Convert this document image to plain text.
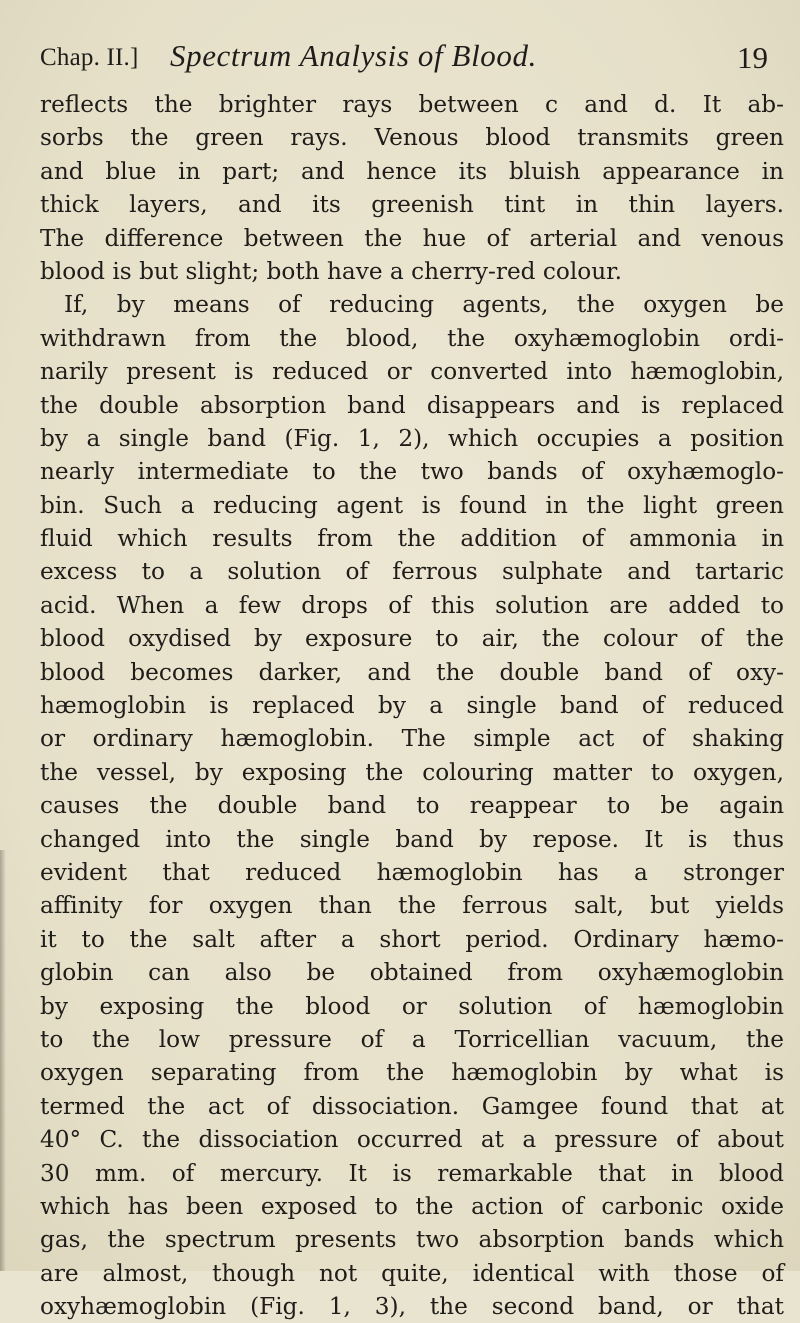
Chap. II.] Spectrum Analysis of Blood.	19
reflects the brighter rays between c and d. It ab-
sorbs the green rays. Venous blood transmits green
and blue in part; and hence its bluish appearance in
thick layers, and its greenish tint in thin layers.
The difference between the hue of arterial and venous
blood is but slight; both have a cherry-red colour.
If, by means of reducing agents, the oxygen be
withdrawn from the blood, the oxyhæmoglobin ordi-
narily present is reduced or converted into hæmoglobin,
the double absorption band disappears and is replaced
by a single band (Fig. 1, 2), which occupies a position
nearly intermediate to the two bands of oxyhæmoglo-
bin. Such a reducing agent is found in the light green
fluid which results from the addition of ammonia in
excess to a solution of ferrous sulphate and tartaric
acid. When a few drops of this solution are added to
blood oxydised by exposure to air, the colour of the
blood becomes darker, and the double band of oxy-
hæmoglobin is replaced by a single band of reduced
or ordinary hæmoglobin. The simple act of shaking
the vessel, by exposing the colouring matter to oxygen,
causes the double band to reappear to be again
changed into the single band by repose. It is thus
evident that reduced hæmoglobin has a stronger
affinity for oxygen than the ferrous salt, but yields
it to the salt after a short period. Ordinary hæmo-
globin can also be obtained from oxyhæmoglobin
by exposing the blood or solution of hæmoglobin
to the low pressure of a Torricellian vacuum, the
oxygen separating from the hæmoglobin by what is
termed the act of dissociation. Gamgee found that at
40° C. the dissociation occurred at a pressure of about
30 mm. of mercury. It is remarkable that in blood
which has been exposed to the action of carbonic oxide
gas, the spectrum presents two absorption bands which
are almost, though not quite, identical with those of
oxyhæmoglobin (Fig. 1, 3), the second band, or that
